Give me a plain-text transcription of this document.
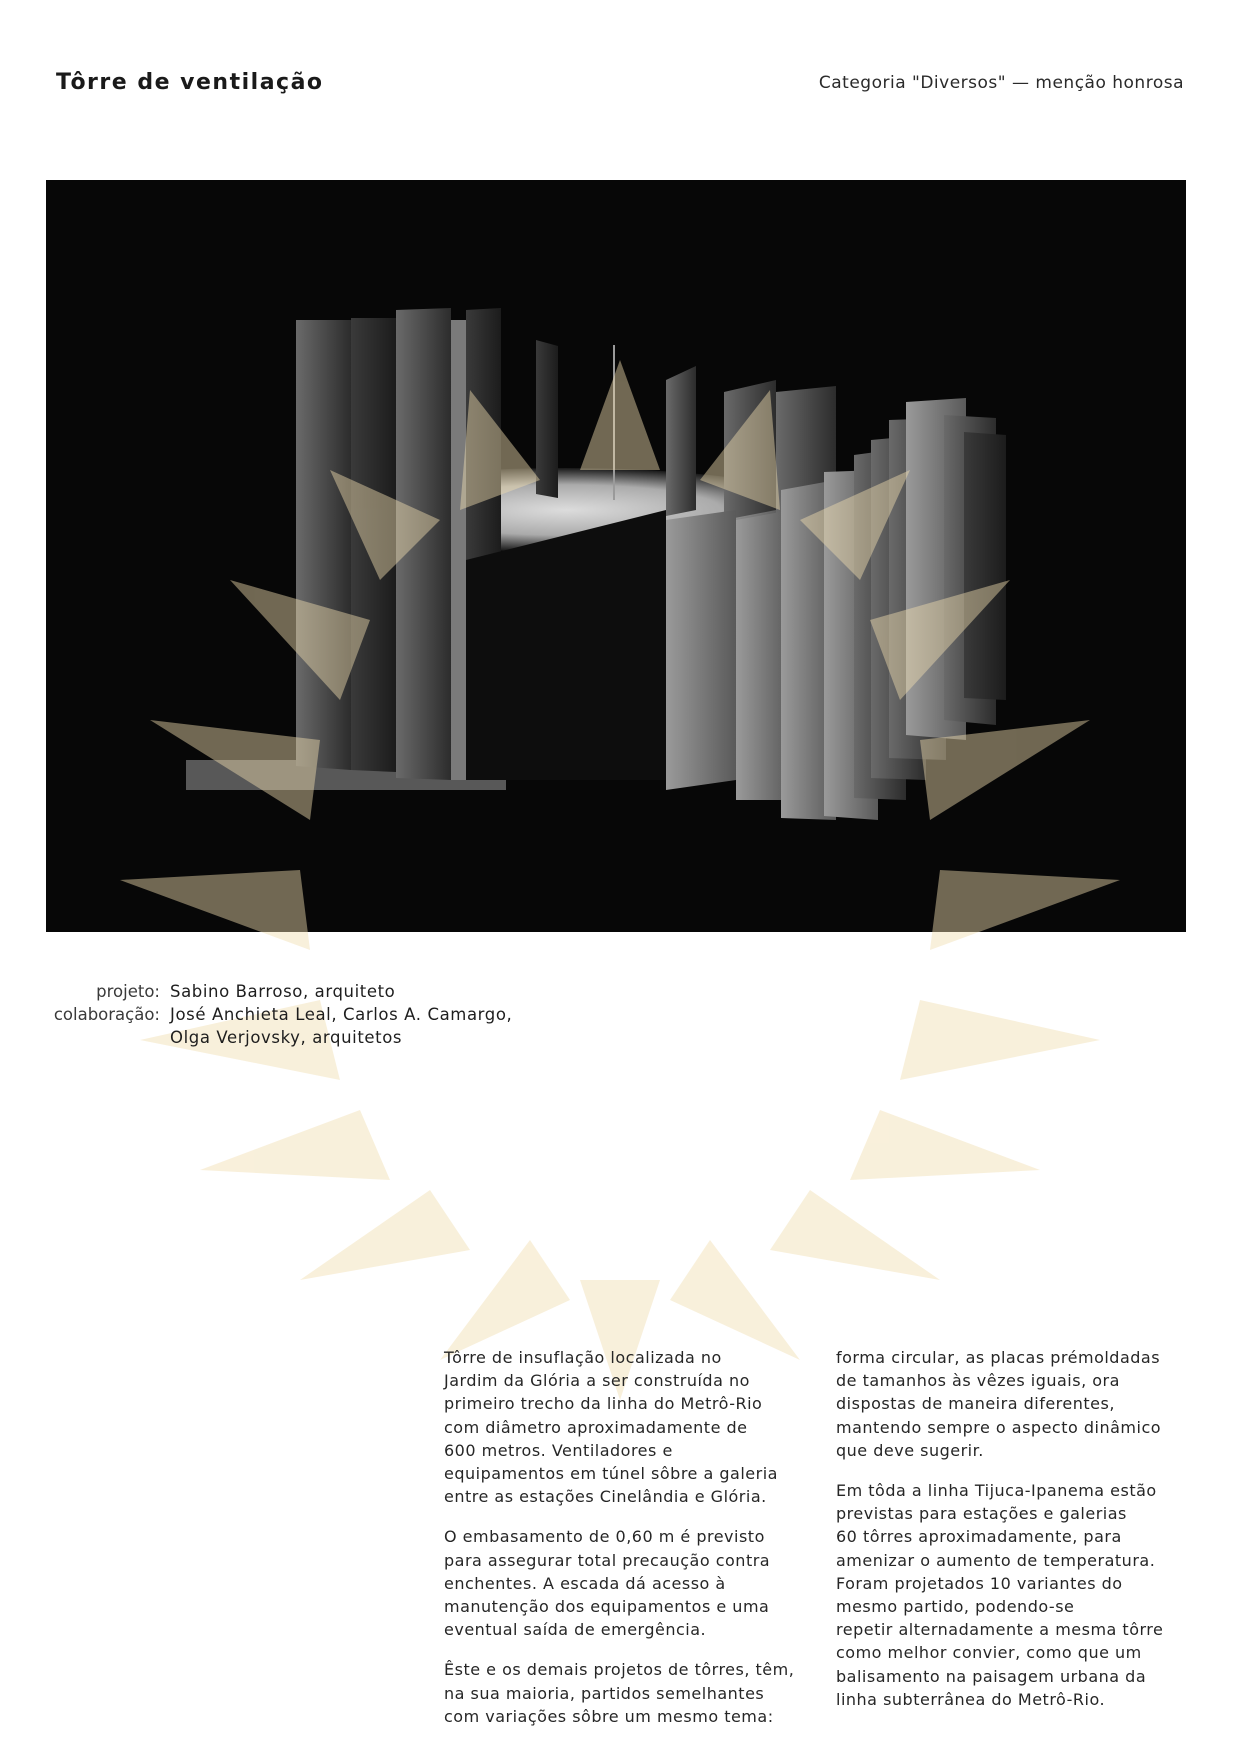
Tôrre de ventilação	Categoria "Diversos" — menção honrosa
projeto: Sabino Barroso, arquiteto
colaboração: José Anchieta Leal, Carlos A. Camargo,
Olga Verjovsky, arquitetos

Tôrre de insuflação localizada no
Jardim da Glória a ser construída no
primeiro trecho da linha do Metrô-Rio
com diâmetro aproximadamente de
600 metros. Ventiladores e
equipamentos em túnel sôbre a galeria
entre as estações Cinelândia e Glória.

O embasamento de 0,60 m é previsto
para assegurar total precaução contra
enchentes. A escada dá acesso à
manutenção dos equipamentos e uma
eventual saída de emergência.

Êste e os demais projetos de tôrres, têm,
na sua maioria, partidos semelhantes
com variações sôbre um mesmo tema:

forma circular, as placas prémoldadas
de tamanhos às vêzes iguais, ora
dispostas de maneira diferentes,
mantendo sempre o aspecto dinâmico
que deve sugerir.

Em tôda a linha Tijuca-Ipanema estão
previstas para estações e galerias
60 tôrres aproximadamente, para
amenizar o aumento de temperatura.
Foram projetados 10 variantes do
mesmo partido, podendo-se
repetir alternadamente a mesma tôrre
como melhor convier, como que um
balisamento na paisagem urbana da
linha subterrânea do Metrô-Rio.
